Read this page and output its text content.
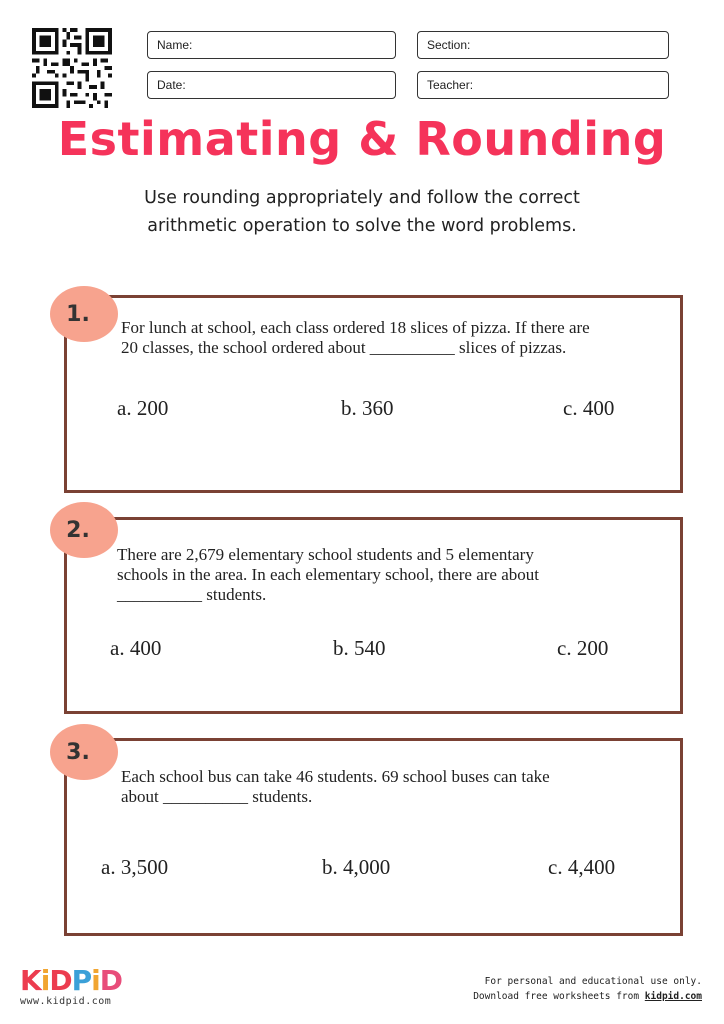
Name:	Section:
Date:	Teacher:
Estimating & Rounding
Use rounding appropriately and follow the correct
arithmetic operation to solve the word problems.

For lunch at school, each class ordered 18 slices of pizza. If there are
20 classes, the school ordered about __________ slices of pizzas.

a. 200	b. 360	c. 400
1.

There are 2,679 elementary school students and 5 elementary
schools in the area. In each elementary school, there are about
__________ students.

a. 400	b. 540	c. 200
2.

Each school bus can take 46 students. 69 school buses can take
about __________ students.

a. 3,500	b. 4,000	c. 4,400
3.
KiDPiD
www.kidpid.com
For personal and educational use only.
Download free worksheets from kidpid.com
